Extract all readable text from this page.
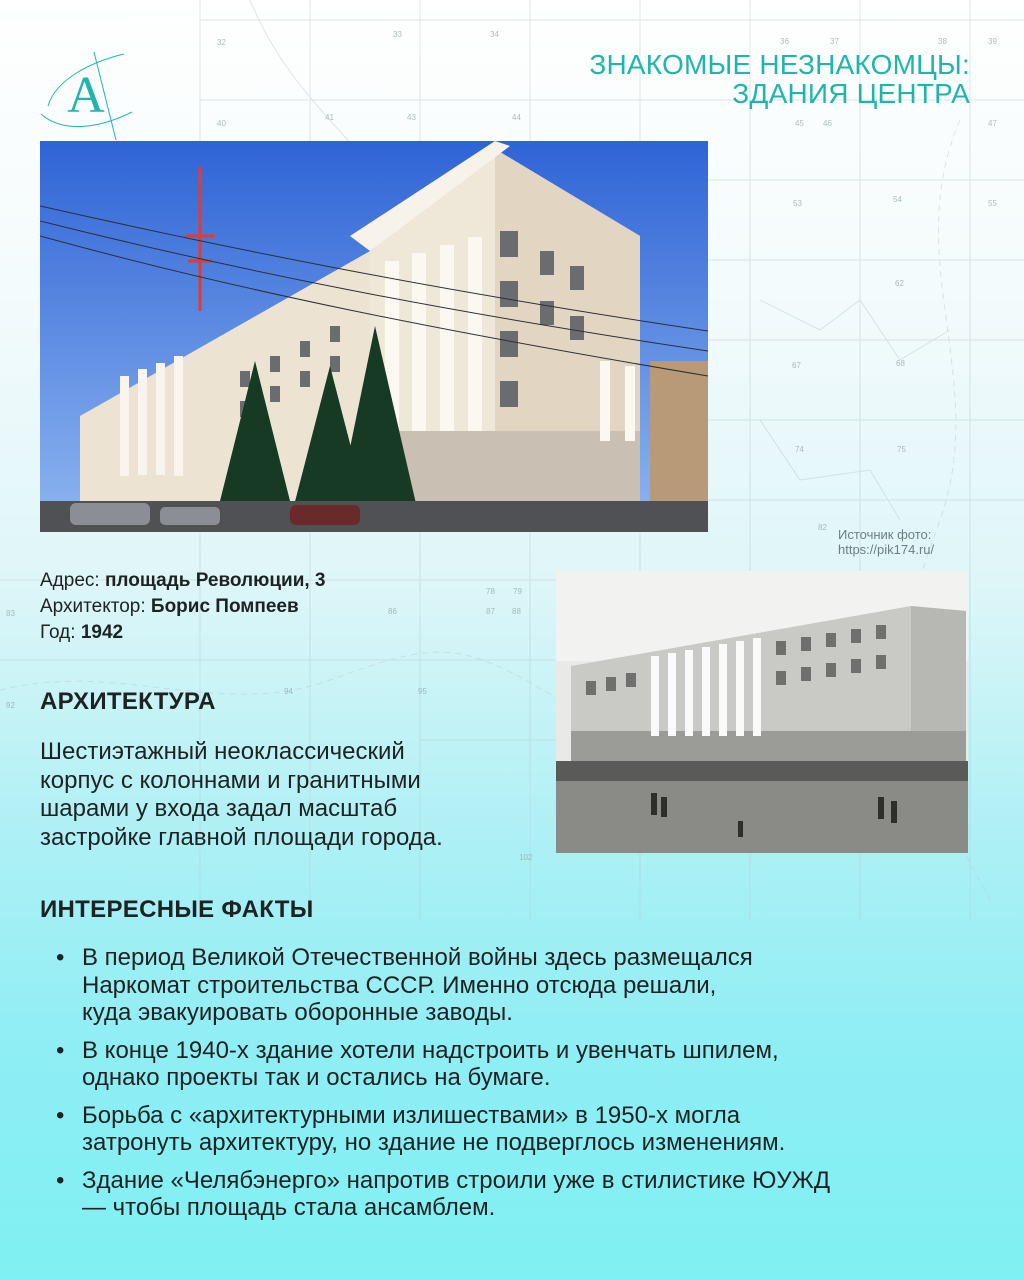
32
33	34
36	37	38	39
40
41	43	44
45 46	47
53	54	55
62
67	68
74	75
79
78
82
83	86	87 88
92
94	95
102
А
ЗНАКОМЫЕ НЕЗНАКОМЦЫ:
ЗДАНИЯ ЦЕНТРА
Источник фото:
https://pik174.ru/
Адрес: площадь Революции, 3
Архитектор: Борис Помпеев
Год: 1942
АРХИТЕКТУРА

Шестиэтажный неоклассический
корпус с колоннами и гранитными
шарами у входа задал масштаб
застройке главной площади города.

ИНТЕРЕСНЫЕ ФАКТЫ
• В период Великой Отечественной войны здесь размещался
Наркомат строительства СССР. Именно отсюда решали,
куда эвакуировать оборонные заводы.
• В конце 1940-х здание хотели надстроить и увенчать шпилем,
однако проекты так и остались на бумаге.
• Борьба с «архитектурными излишествами» в 1950-х могла
затронуть архитектуру, но здание не подверглось изменениям.
• Здание «Челябэнерго» напротив строили уже в стилистике ЮУЖД
— чтобы площадь стала ансамблем.
